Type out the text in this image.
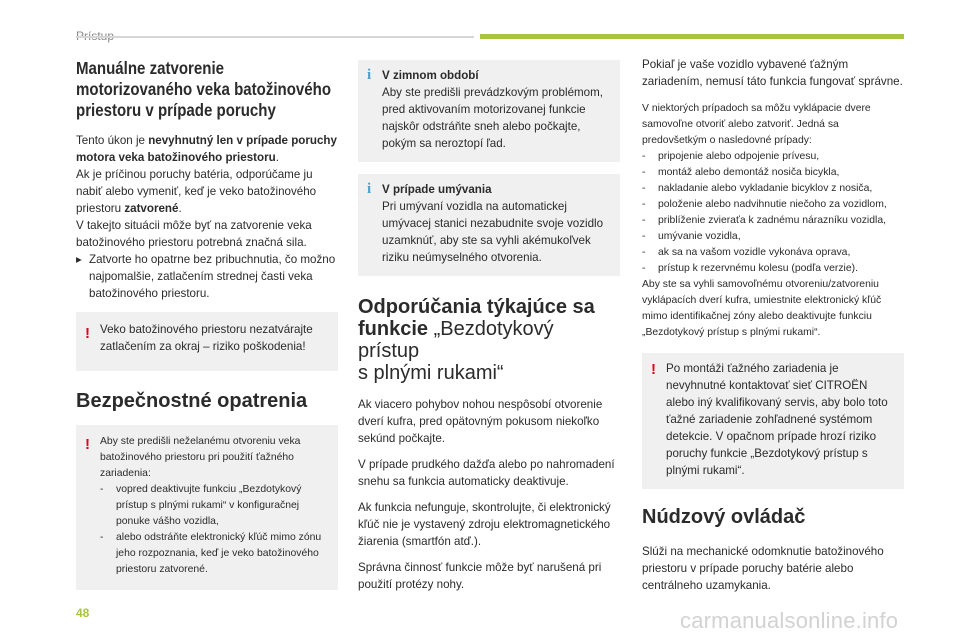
Manuálne zatvorenie

motorizovaného veka batožinového

priestoru v prípade poruchy

Tento úkon je nevyhnutný len v prípade poruchy motora veka batožinového priestoru.

Ak je príčinou poruchy batéria, odporúčame ju nabiť alebo vymeniť, keď je veko batožinového priestoru zatvorené.

V takejto situácii môže byť na zatvorenie veka batožinového priestoru potrebná značná sila.

▸ Zatvorte ho opatrne bez pribuchnutia, čo možno najpomalšie, zatlačením strednej časti veka batožinového priestoru.
! Veko batožinového priestoru nezatvárajte zatlačením za okraj – riziko poškodenia!

Bezpečnostné opatrenia

! Aby ste predišli neželanému otvoreniu veka batožinového priestoru pri použití ťažného zariadenia:

- vopred deaktivujte funkciu „Bezdotykový prístup s plnými rukami“ v konfiguračnej ponuke vášho vozidla,
- alebo odstráňte elektronický kľúč mimo zónu jeho rozpoznania, keď je veko batožinového priestoru zatvorené.
i V zimnom období

Aby ste predišli prevádzkovým problémom, pred aktivovaním motorizovanej funkcie najskôr odstráňte sneh alebo počkajte, pokým sa neroztopí ľad.

i V prípade umývania

Pri umývaní vozidla na automatickej umývacej stanici nezabudnite svoje vozidlo uzamknúť, aby ste sa vyhli akémukoľvek riziku neúmyselného otvorenia.

Odporúčania týkajúce sa

funkcie „Bezdotykový prístup

s plnými rukami“

Ak viacero pohybov nohou nespôsobí otvorenie dverí kufra, pred opätovným pokusom niekoľko sekúnd počkajte.

V prípade prudkého dažďa alebo po nahromadení snehu sa funkcia automaticky deaktivuje.

Ak funkcia nefunguje, skontrolujte, či elektronický kľúč nie je vystavený zdroju elektromagnetického žiarenia (smartfón atď.).

Správna činnosť funkcie môže byť narušená pri použití protézy nohy.

Pokiaľ je vaše vozidlo vybavené ťažným zariadením, nemusí táto funkcia fungovať správne.

V niektorých prípadoch sa môžu vyklápacie dvere samovoľne otvoriť alebo zatvoriť. Jedná sa predovšetkým o nasledovné prípady:

- pripojenie alebo odpojenie prívesu,
- montáž alebo demontáž nosiča bicykla,
- nakladanie alebo vykladanie bicyklov z nosiča,
- položenie alebo nadvihnutie niečoho za vozidlom,
- priblíženie zvieraťa k zadnému nárazníku vozidla,
- umývanie vozidla,
- ak sa na vašom vozidle vykonáva oprava,
- prístup k rezervnému kolesu (podľa verzie).

Aby ste sa vyhli samovoľnému otvoreniu/zatvoreniu vyklápacích dverí kufra, umiestnite elektronický kľúč mimo identifikačnej zóny alebo deaktivujte funkciu „Bezdotykový prístup s plnými rukami“.

! Po montáži ťažného zariadenia je nevyhnutné kontaktovať sieť CITROËN alebo iný kvalifikovaný servis, aby bolo toto ťažné zariadenie zohľadnené systémom detekcie. V opačnom prípade hrozí riziko poruchy funkcie „Bezdotykový prístup s plnými rukami“.

Núdzový ovládač

Slúži na mechanické odomknutie batožinového priestoru v prípade poruchy batérie alebo centrálneho uzamykania.

48	carmanualsonline.info
